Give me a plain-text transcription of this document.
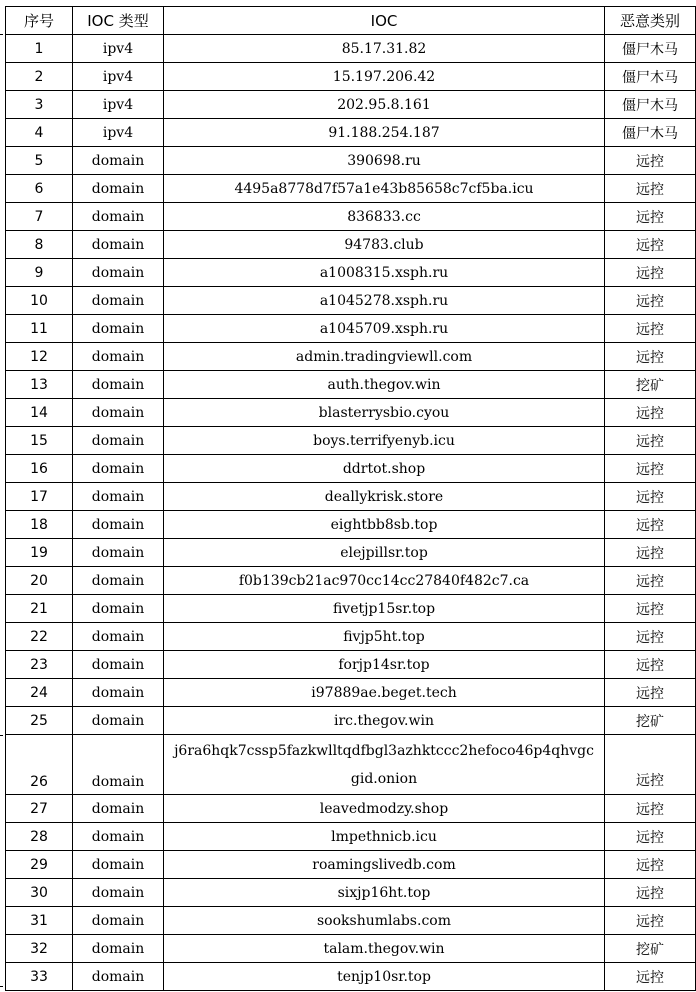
序号	IOC 类型	IOC	恶意类别
1	ipv4	85.17.31.82	僵尸木马
2	ipv4	15.197.206.42	僵尸木马
3	ipv4	202.95.8.161	僵尸木马
4	ipv4	91.188.254.187	僵尸木马
5	domain	390698.ru	远控
6	domain	4495a8778d7f57a1e43b85658c7cf5ba.icu	远控
7	domain	836833.cc	远控
8	domain	94783.club	远控
9	domain	a1008315.xsph.ru	远控
10	domain	a1045278.xsph.ru	远控
11	domain	a1045709.xsph.ru	远控
12	domain	admin.tradingviewll.com	远控
13	domain	auth.thegov.win	挖矿
14	domain	blasterrysbio.cyou	远控
15	domain	boys.terrifyenyb.icu	远控
16	domain	ddrtot.shop	远控
17	domain	deallykrisk.store	远控
18	domain	eightbb8sb.top	远控
19	domain	elejpillsr.top	远控
20	domain	f0b139cb21ac970cc14cc27840f482c7.ca	远控
21	domain	fivetjp15sr.top	远控
22	domain	fivjp5ht.top	远控
23	domain	forjp14sr.top	远控
24	domain	i97889ae.beget.tech	远控
25	domain	irc.thegov.win	挖矿
26	domain	j6ra6hqk7cssp5fazkwlltqdfbgl3azhktccc2hefoco46p4qhvgcgid.onion	远控
27	domain	leavedmodzy.shop	远控
28	domain	lmpethnicb.icu	远控
29	domain	roamingslivedb.com	远控
30	domain	sixjp16ht.top	远控
31	domain	sookshumlabs.com	远控
32	domain	talam.thegov.win	挖矿
33	domain	tenjp10sr.top	远控
